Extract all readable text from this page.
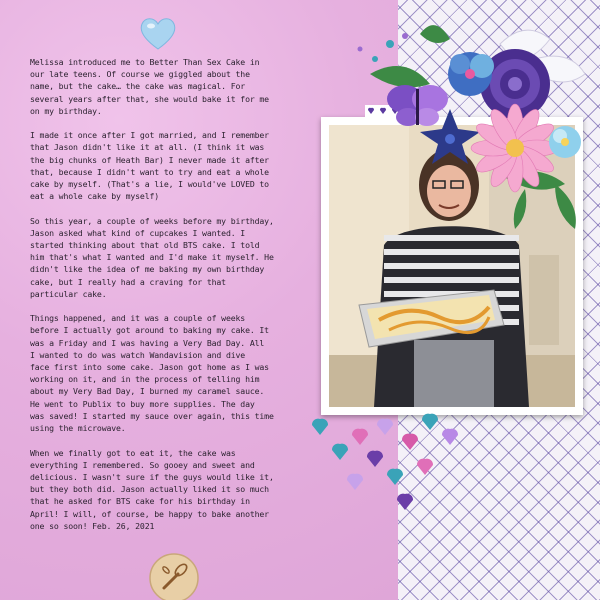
Melissa introduced me to Better Than Sex Cake in
our late teens. Of course we giggled about the
name, but the cake… the cake was magical. For
several years after that, she would bake it for me
on my birthday.

I made it once after I got married, and I remember
that Jason didn't like it at all. (I think it was
the big chunks of Heath Bar) I never made it after
that, because I didn't want to try and eat a whole
cake by myself. (That's a lie, I would've LOVED to
eat a whole cake by myself)

So this year, a couple of weeks before my birthday,
Jason asked what kind of cupcakes I wanted. I
started thinking about that old BTS cake. I told
him that's what I wanted and I'd make it myself. He
didn't like the idea of me baking my own birthday
cake, but I really had a craving for that
particular cake.

Things happened, and it was a couple of weeks
before I actually got around to baking my cake. It
was a Friday and I was having a Very Bad Day. All
I wanted to do was watch Wandavision and dive
face first into some cake. Jason got home as I was
working on it, and in the process of telling him
about my Very Bad Day, I burned my caramel sauce.
He went to Publix to buy more supplies. The day
was saved! I started my sauce over again, this time
using the microwave.

When we finally got to eat it, the cake was
everything I remembered. So gooey and sweet and
delicious. I wasn't sure if the guys would like it,
but they both did. Jason actually liked it so much
that he asked for BTS cake for his birthday in
April! I will, of course, be happy to bake another
one so soon! Feb. 26, 2021
